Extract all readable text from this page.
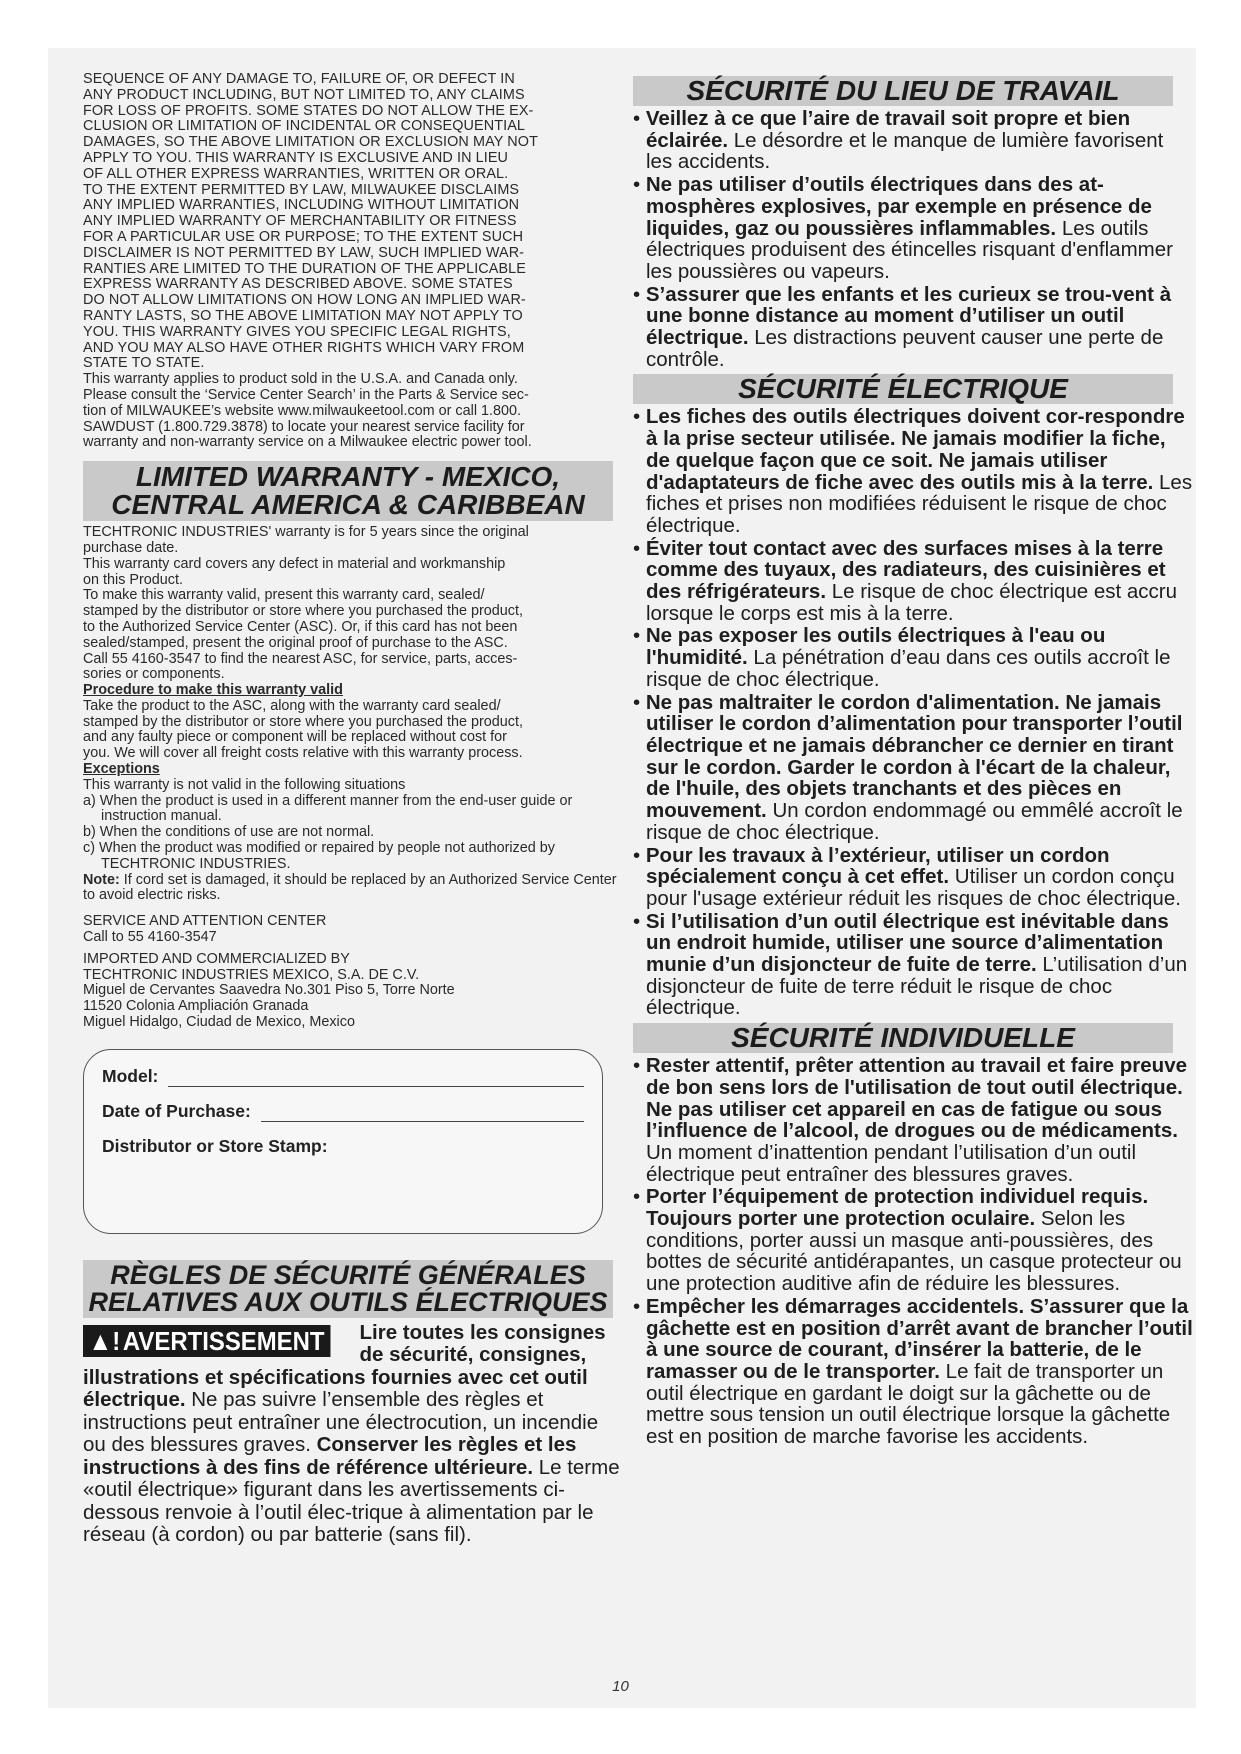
SEQUENCE OF ANY DAMAGE TO, FAILURE OF, OR DEFECT IN

ANY PRODUCT INCLUDING, BUT NOT LIMITED TO, ANY CLAIMS

FOR LOSS OF PROFITS. SOME STATES DO NOT ALLOW THE EX-

CLUSION OR LIMITATION OF INCIDENTAL OR CONSEQUENTIAL

DAMAGES, SO THE ABOVE LIMITATION OR EXCLUSION MAY NOT

APPLY TO YOU. THIS WARRANTY IS EXCLUSIVE AND IN LIEU

OF ALL OTHER EXPRESS WARRANTIES, WRITTEN OR ORAL.

TO THE EXTENT PERMITTED BY LAW, MILWAUKEE DISCLAIMS

ANY IMPLIED WARRANTIES, INCLUDING WITHOUT LIMITATION

ANY IMPLIED WARRANTY OF MERCHANTABILITY OR FITNESS

FOR A PARTICULAR USE OR PURPOSE; TO THE EXTENT SUCH

DISCLAIMER IS NOT PERMITTED BY LAW, SUCH IMPLIED WAR-

RANTIES ARE LIMITED TO THE DURATION OF THE APPLICABLE

EXPRESS WARRANTY AS DESCRIBED ABOVE. SOME STATES

DO NOT ALLOW LIMITATIONS ON HOW LONG AN IMPLIED WAR-

RANTY LASTS, SO THE ABOVE LIMITATION MAY NOT APPLY TO

YOU. THIS WARRANTY GIVES YOU SPECIFIC LEGAL RIGHTS,

AND YOU MAY ALSO HAVE OTHER RIGHTS WHICH VARY FROM

STATE TO STATE.

This warranty applies to product sold in the U.S.A. and Canada only.

Please consult the ‘Service Center Search’ in the Parts & Service sec-

tion of MILWAUKEE’s website www.milwaukeetool.com or call 1.800.

SAWDUST (1.800.729.3878) to locate your nearest service facility for

warranty and non-warranty service on a Milwaukee electric power tool.

LIMITED WARRANTY - MEXICO,
CENTRAL AMERICA & CARIBBEAN

TECHTRONIC INDUSTRIES' warranty is for 5 years since the original

purchase date.

This warranty card covers any defect in material and workmanship

on this Product.

To make this warranty valid, present this warranty card, sealed/

stamped by the distributor or store where you purchased the product,

to the Authorized Service Center (ASC). Or, if this card has not been

sealed/stamped, present the original proof of purchase to the ASC.

Call 55 4160-3547 to find the nearest ASC, for service, parts, acces-

sories or components.

Procedure to make this warranty valid

Take the product to the ASC, along with the warranty card sealed/

stamped by the distributor or store where you purchased the product,

and any faulty piece or component will be replaced without cost for

you. We will cover all freight costs relative with this warranty process.

Exceptions

This warranty is not valid in the following situations

a) When the product is used in a different manner from the end-user guide or instruction manual.

b) When the conditions of use are not normal.

c) When the product was modified or repaired by people not authorized by TECHTRONIC INDUSTRIES.

Note: If cord set is damaged, it should be replaced by an Authorized Service Center to avoid electric risks.

SERVICE AND ATTENTION CENTER

Call to 55 4160-3547

IMPORTED AND COMMERCIALIZED BY

TECHTRONIC INDUSTRIES MEXICO, S.A. DE C.V.

Miguel de Cervantes Saavedra No.301 Piso 5, Torre Norte

11520 Colonia Ampliación Granada

Miguel Hidalgo, Ciudad de Mexico, Mexico

Model:
Date of Purchase:
Distributor or Store Stamp:
RÈGLES DE SÉCURITÉ GÉNÉRALES
RELATIVES AUX OUTILS ÉLECTRIQUES
▲! AVERTISSEMENT Lire toutes les consignes de sécurité, consignes, illustrations et spécifications fournies avec cet outil électrique. Ne pas suivre l’ensemble des règles et instructions peut entraîner une électrocution, un incendie ou des blessures graves. Conserver les règles et les instructions à des fins de référence ultérieure. Le terme «outil électrique» figurant dans les avertissements ci-dessous renvoie à l’outil élec-trique à alimentation par le réseau (à cordon) ou par batterie (sans fil).
SÉCURITÉ DU LIEU DE TRAVAIL
• Veillez à ce que l’aire de travail soit propre et bien éclairée. Le désordre et le manque de lumière favorisent les accidents.
• Ne pas utiliser d’outils électriques dans des at-mosphères explosives, par exemple en présence de liquides, gaz ou poussières inflammables. Les outils électriques produisent des étincelles risquant d'enflammer les poussières ou vapeurs.
• S’assurer que les enfants et les curieux se trou-vent à une bonne distance au moment d’utiliser un outil électrique. Les distractions peuvent causer une perte de contrôle.
SÉCURITÉ ÉLECTRIQUE
• Les fiches des outils électriques doivent cor-respondre à la prise secteur utilisée. Ne jamais modifier la fiche, de quelque façon que ce soit. Ne jamais utiliser d'adaptateurs de fiche avec des outils mis à la terre. Les fiches et prises non modifiées réduisent le risque de choc électrique.
• Éviter tout contact avec des surfaces mises à la terre comme des tuyaux, des radiateurs, des cuisinières et des réfrigérateurs. Le risque de choc électrique est accru lorsque le corps est mis à la terre.
• Ne pas exposer les outils électriques à l'eau ou l'humidité. La pénétration d’eau dans ces outils accroît le risque de choc électrique.
• Ne pas maltraiter le cordon d'alimentation. Ne jamais utiliser le cordon d’alimentation pour transporter l’outil électrique et ne jamais débrancher ce dernier en tirant sur le cordon. Garder le cordon à l'écart de la chaleur, de l'huile, des objets tranchants et des pièces en mouvement. Un cordon endommagé ou emmêlé accroît le risque de choc électrique.
• Pour les travaux à l’extérieur, utiliser un cordon spécialement conçu à cet effet. Utiliser un cordon conçu pour l'usage extérieur réduit les risques de choc électrique.
• Si l’utilisation d’un outil électrique est inévitable dans un endroit humide, utiliser une source d’alimentation munie d’un disjoncteur de fuite de terre. L’utilisation d’un disjoncteur de fuite de terre réduit le risque de choc électrique.
SÉCURITÉ INDIVIDUELLE
• Rester attentif, prêter attention au travail et faire preuve de bon sens lors de l'utilisation de tout outil électrique. Ne pas utiliser cet appareil en cas de fatigue ou sous l’influence de l’alcool, de drogues ou de médicaments. Un moment d’inattention pendant l’utilisation d’un outil électrique peut entraîner des blessures graves.
• Porter l’équipement de protection individuel requis. Toujours porter une protection oculaire. Selon les conditions, porter aussi un masque anti-poussières, des bottes de sécurité antidérapantes, un casque protecteur ou une protection auditive afin de réduire les blessures.
• Empêcher les démarrages accidentels. S’assurer que la gâchette est en position d’arrêt avant de brancher l’outil à une source de courant, d’insérer la batterie, de le ramasser ou de le transporter. Le fait de transporter un outil électrique en gardant le doigt sur la gâchette ou de mettre sous tension un outil électrique lorsque la gâchette est en position de marche favorise les accidents.
10
